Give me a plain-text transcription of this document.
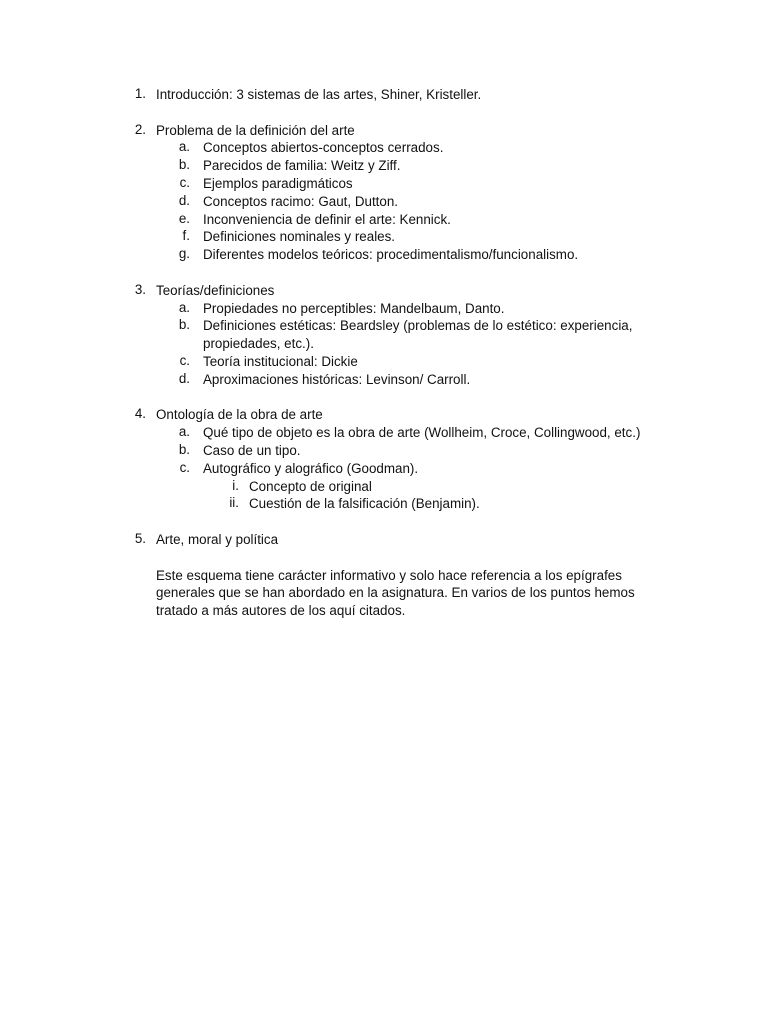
1. Introducción: 3 sistemas de las artes, Shiner, Kristeller.
2. Problema de la definición del arte
a. Conceptos abiertos-conceptos cerrados.
b. Parecidos de familia: Weitz y Ziff.
c. Ejemplos paradigmáticos
d. Conceptos racimo: Gaut, Dutton.
e. Inconveniencia de definir el arte: Kennick.
f. Definiciones nominales y reales.
g. Diferentes modelos teóricos: procedimentalismo/funcionalismo.
3. Teorías/definiciones
a. Propiedades no perceptibles: Mandelbaum, Danto.
b. Definiciones estéticas: Beardsley (problemas de lo estético: experiencia, propiedades, etc.).
c. Teoría institucional: Dickie
d. Aproximaciones históricas: Levinson/ Carroll.
4. Ontología de la obra de arte
a. Qué tipo de objeto es la obra de arte (Wollheim, Croce, Collingwood, etc.)
b. Caso de un tipo.
c. Autográfico y alográfico (Goodman).
i. Concepto de original
ii. Cuestión de la falsificación (Benjamin).
5. Arte, moral y política
Este esquema tiene carácter informativo y solo hace referencia a los epígrafes generales que se han abordado en la asignatura. En varios de los puntos hemos tratado a más autores de los aquí citados.
